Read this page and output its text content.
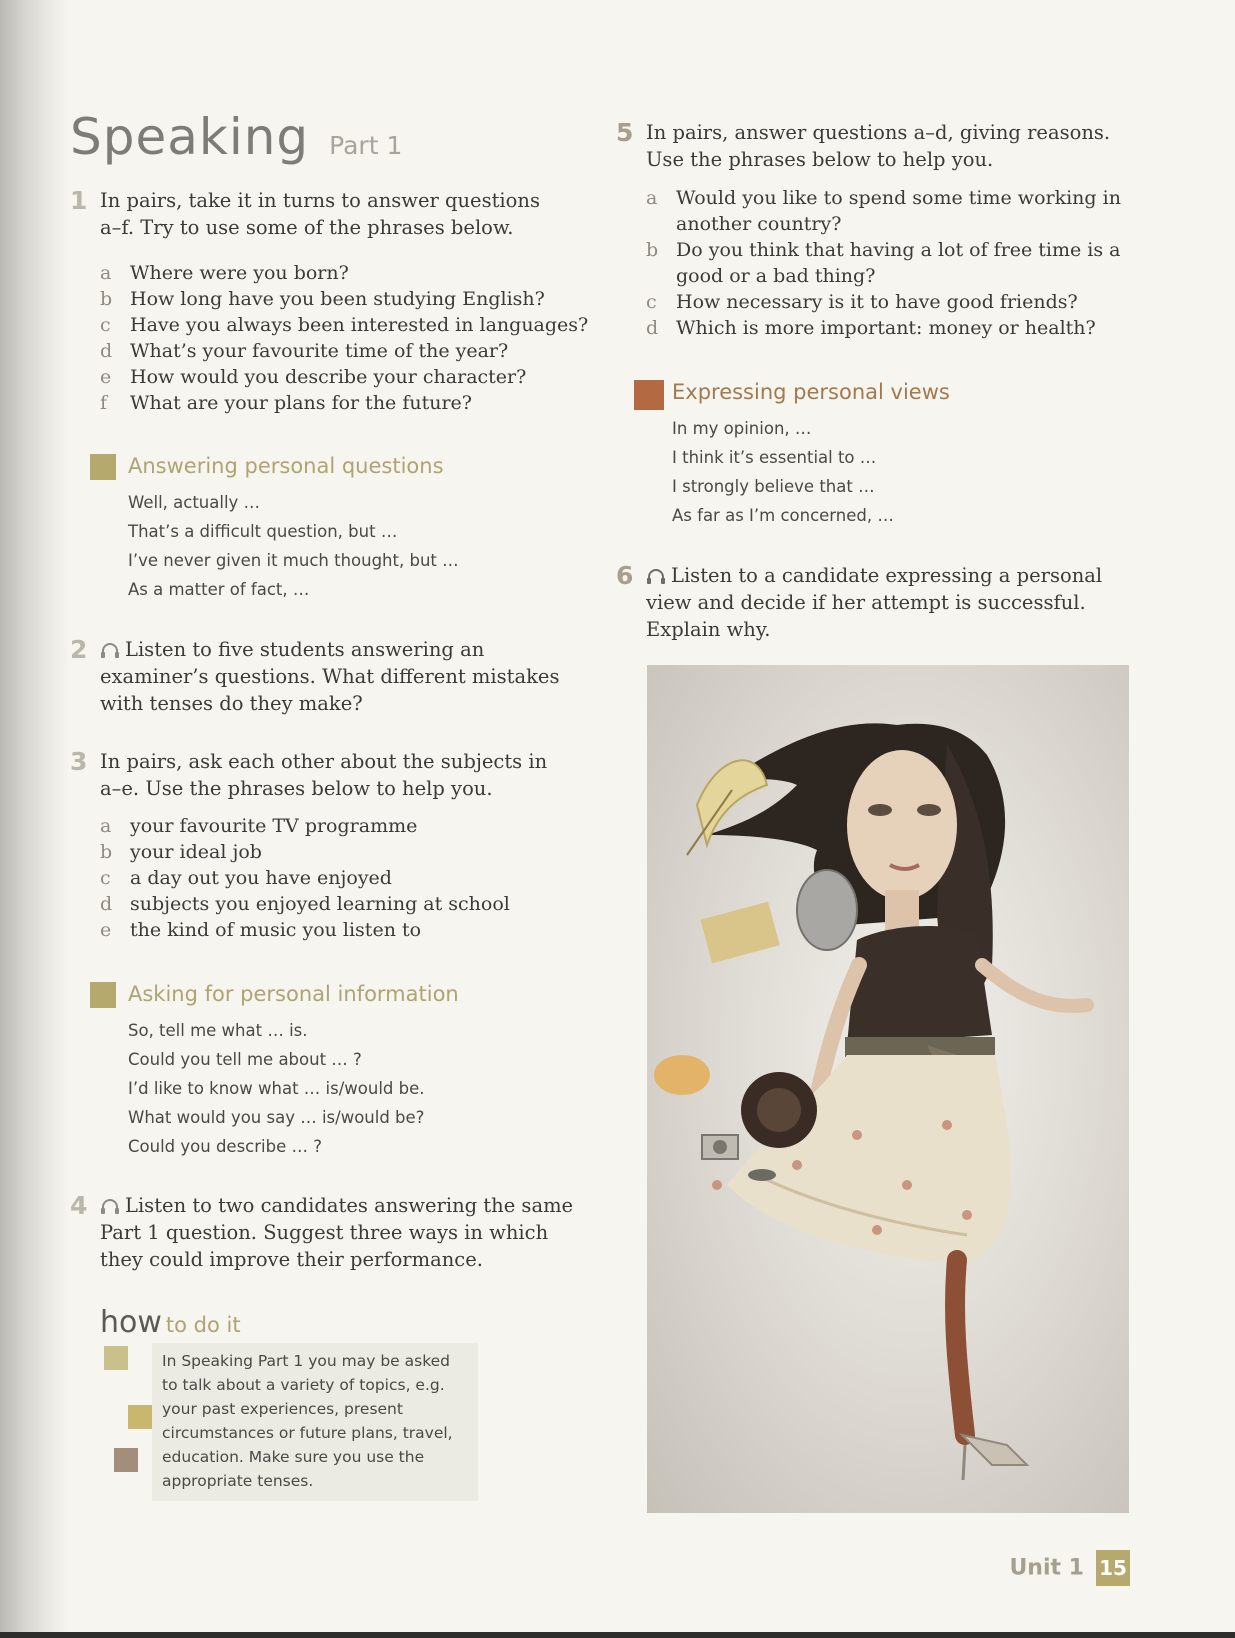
Speaking Part 1
1 In pairs, take it in turns to answer questions a–f. Try to use some of the phrases below.
a Where were you born?
b How long have you been studying English?
c Have you always been interested in languages?
d What’s your favourite time of the year?
e How would you describe your character?
f What are your plans for the future?
Answering personal questions
Well, actually …
That’s a difficult question, but …
I’ve never given it much thought, but …
As a matter of fact, …
2	Listen to five students answering an examiner’s questions. What different mistakes with tenses do they make?
3 In pairs, ask each other about the subjects in a–e. Use the phrases below to help you.
a your favourite TV programme
b your ideal job
c a day out you have enjoyed
d subjects you enjoyed learning at school
e the kind of music you listen to
Asking for personal information
So, tell me what … is.
Could you tell me about … ?
I’d like to know what … is/would be.
What would you say … is/would be?
Could you describe … ?
4	Listen to two candidates answering the same Part 1 question. Suggest three ways in which they could improve their performance.
how to do it
In Speaking Part 1 you may be asked to talk about a variety of topics, e.g. your past experiences, present circumstances or future plans, travel, education. Make sure you use the appropriate tenses.
5 In pairs, answer questions a–d, giving reasons. Use the phrases below to help you.
a Would you like to spend some time working in another country?
b Do you think that having a lot of free time is a good or a bad thing?
c How necessary is it to have good friends?
d Which is more important: money or health?
Expressing personal views
In my opinion, …
I think it’s essential to …
I strongly believe that …
As far as I’m concerned, …
6	Listen to a candidate expressing a personal view and decide if her attempt is successful. Explain why.
Unit 1 15
